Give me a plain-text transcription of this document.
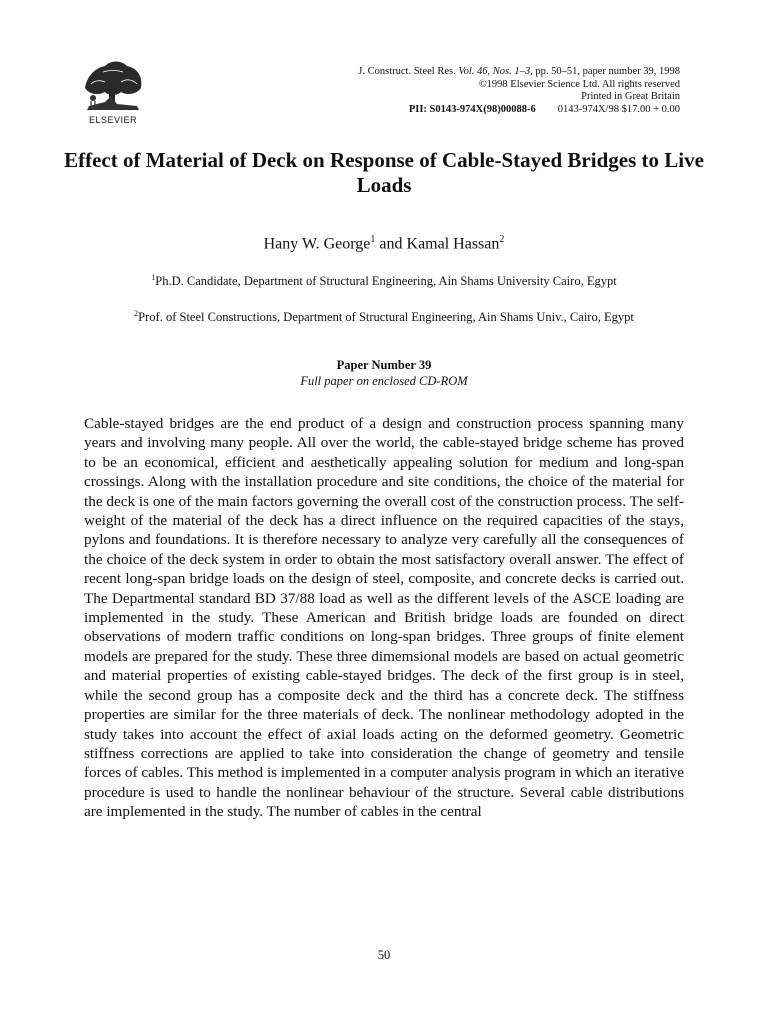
ELSEVIER
J. Construct. Steel Res. Vol. 46, Nos. 1–3, pp. 50–51, paper number 39, 1998
©1998 Elsevier Science Ltd. All rights reserved
Printed in Great Britain
PII: S0143-974X(98)00088-6 0143-974X/98 $17.00 + 0.00
Effect of Material of Deck on Response of Cable-Stayed Bridges to Live Loads
Hany W. George$^1$ and Kamal Hassan$^2$
$^1$Ph.D. Candidate, Department of Structural Engineering, Ain Shams University Cairo, Egypt
$^2$Prof. of Steel Constructions, Department of Structural Engineering, Ain Shams Univ., Cairo, Egypt
Paper Number 39
Full paper on enclosed CD-ROM

Cable-stayed bridges are the end product of a design and construction process spanning many years and involving many people. All over the world, the cable-stayed bridge scheme has proved to be an economical, efficient and aesthetically appealing solution for medium and long-span crossings. Along with the installation procedure and site conditions, the choice of the material for the deck is one of the main factors governing the overall cost of the construction process. The self-weight of the material of the deck has a direct influence on the required capacities of the stays, pylons and foundations. It is therefore necessary to analyze very carefully all the consequences of the choice of the deck system in order to obtain the most satisfactory overall answer. The effect of recent long-span bridge loads on the design of steel, composite, and concrete decks is carried out. The Departmental standard BD 37/88 load as well as the different levels of the ASCE loading are implemented in the study. These American and British bridge loads are founded on direct observations of modern traffic conditions on long-span bridges. Three groups of finite element models are prepared for the study. These three dimemsional models are based on actual geometric and material properties of existing cable-stayed bridges. The deck of the first group is in steel, while the second group has a composite deck and the third has a concrete deck. The stiffness properties are similar for the three materials of deck. The nonlinear methodology adopted in the study takes into account the effect of axial loads acting on the deformed geometry. Geometric stiffness corrections are applied to take into consideration the change of geometry and tensile forces of cables. This method is implemented in a computer analysis program in which an iterative procedure is used to handle the nonlinear behaviour of the structure. Several cable distributions are implemented in the study. The number of cables in the central

50
